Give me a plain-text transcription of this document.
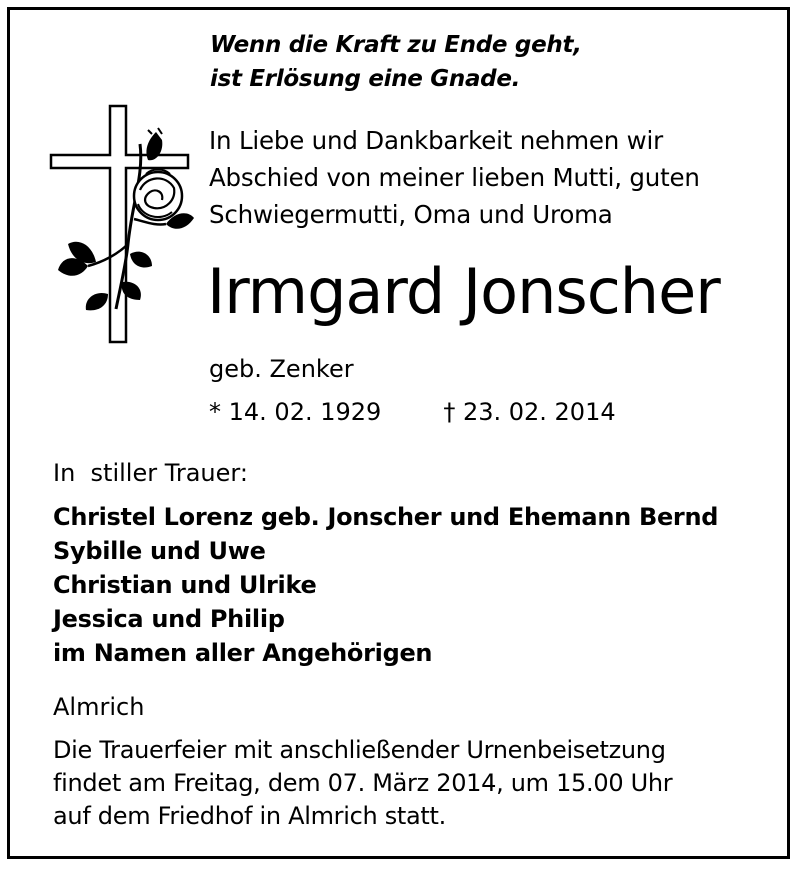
Wenn die Kraft zu Ende geht,
ist Erlösung eine Gnade.
In Liebe und Dankbarkeit nehmen wir
Abschied von meiner lieben Mutti, guten
Schwiegermutti, Oma und Uroma
Irmgard Jonscher
geb. Zenker
* 14. 02. 1929	† 23. 02. 2014
In  stiller Trauer:
Christel Lorenz geb. Jonscher und Ehemann Bernd
Sybille und Uwe
Christian und Ulrike
Jessica und Philip
im Namen aller Angehörigen
Almrich
Die Trauerfeier mit anschließender Urnenbeisetzung
findet am Freitag, dem 07. März 2014, um 15.00 Uhr
auf dem Friedhof in Almrich statt.
